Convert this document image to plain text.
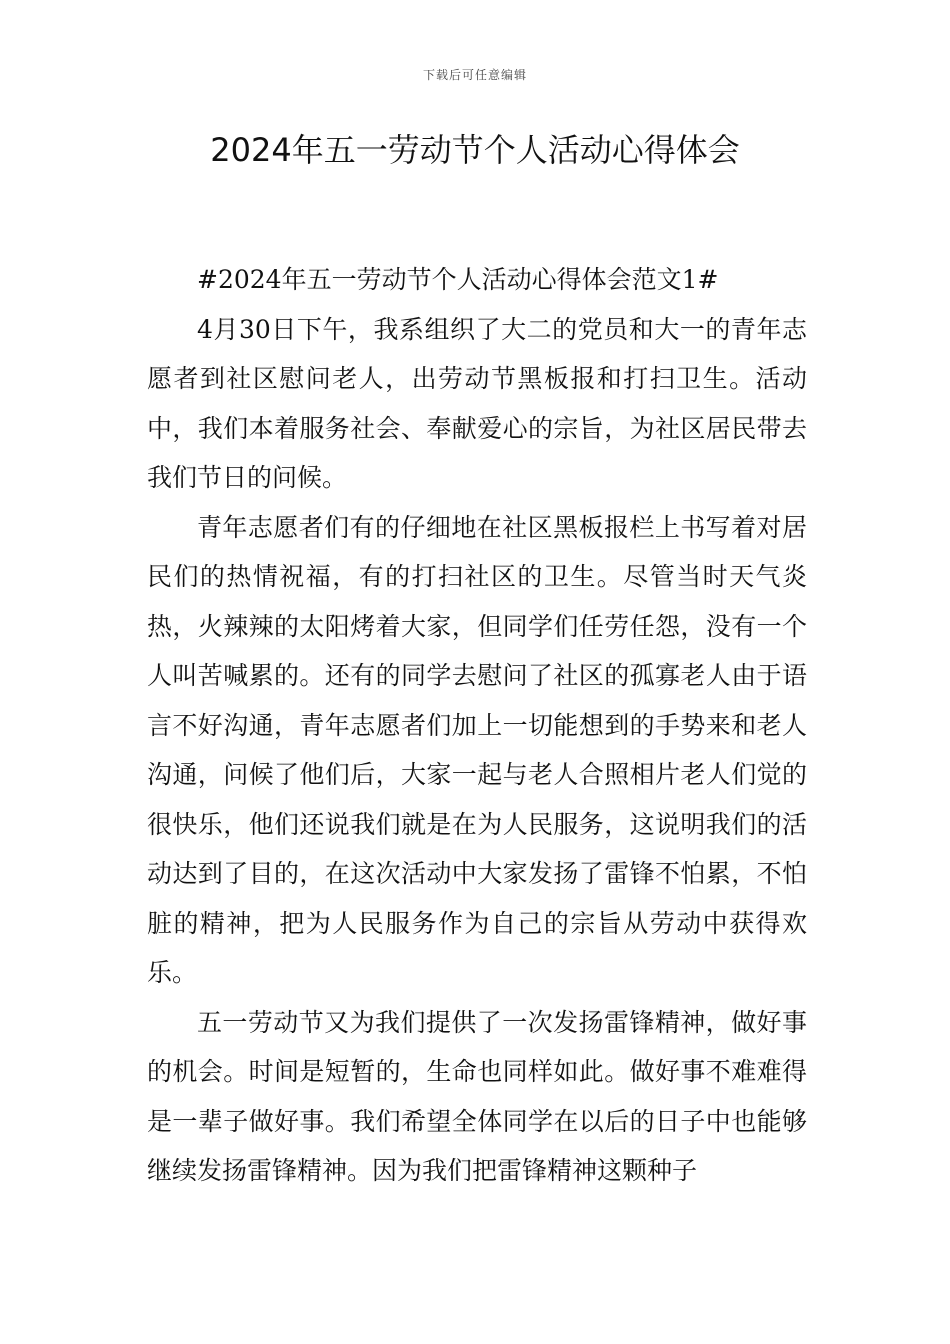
下载后可任意编辑
2024年五一劳动节个人活动心得体会

#2024年五一劳动节个人活动心得体会范文1#

4月30日下午，我系组织了大二的党员和大一的青年志愿者到社区慰问老人，出劳动节黑板报和打扫卫生。活动中，我们本着服务社会、奉献爱心的宗旨，为社区居民带去我们节日的问候。

青年志愿者们有的仔细地在社区黑板报栏上书写着对居民们的热情祝福，有的打扫社区的卫生。尽管当时天气炎热，火辣辣的太阳烤着大家，但同学们任劳任怨，没有一个人叫苦喊累的。还有的同学去慰问了社区的孤寡老人由于语言不好沟通，青年志愿者们加上一切能想到的手势来和老人沟通，问候了他们后，大家一起与老人合照相片老人们觉的很快乐，他们还说我们就是在为人民服务，这说明我们的活动达到了目的，在这次活动中大家发扬了雷锋不怕累，不怕脏的精神，把为人民服务作为自己的宗旨从劳动中获得欢乐。

五一劳动节又为我们提供了一次发扬雷锋精神，做好事的机会。时间是短暂的，生命也同样如此。做好事不难难得是一辈子做好事。我们希望全体同学在以后的日子中也能够继续发扬雷锋精神。因为我们把雷锋精神这颗种子
